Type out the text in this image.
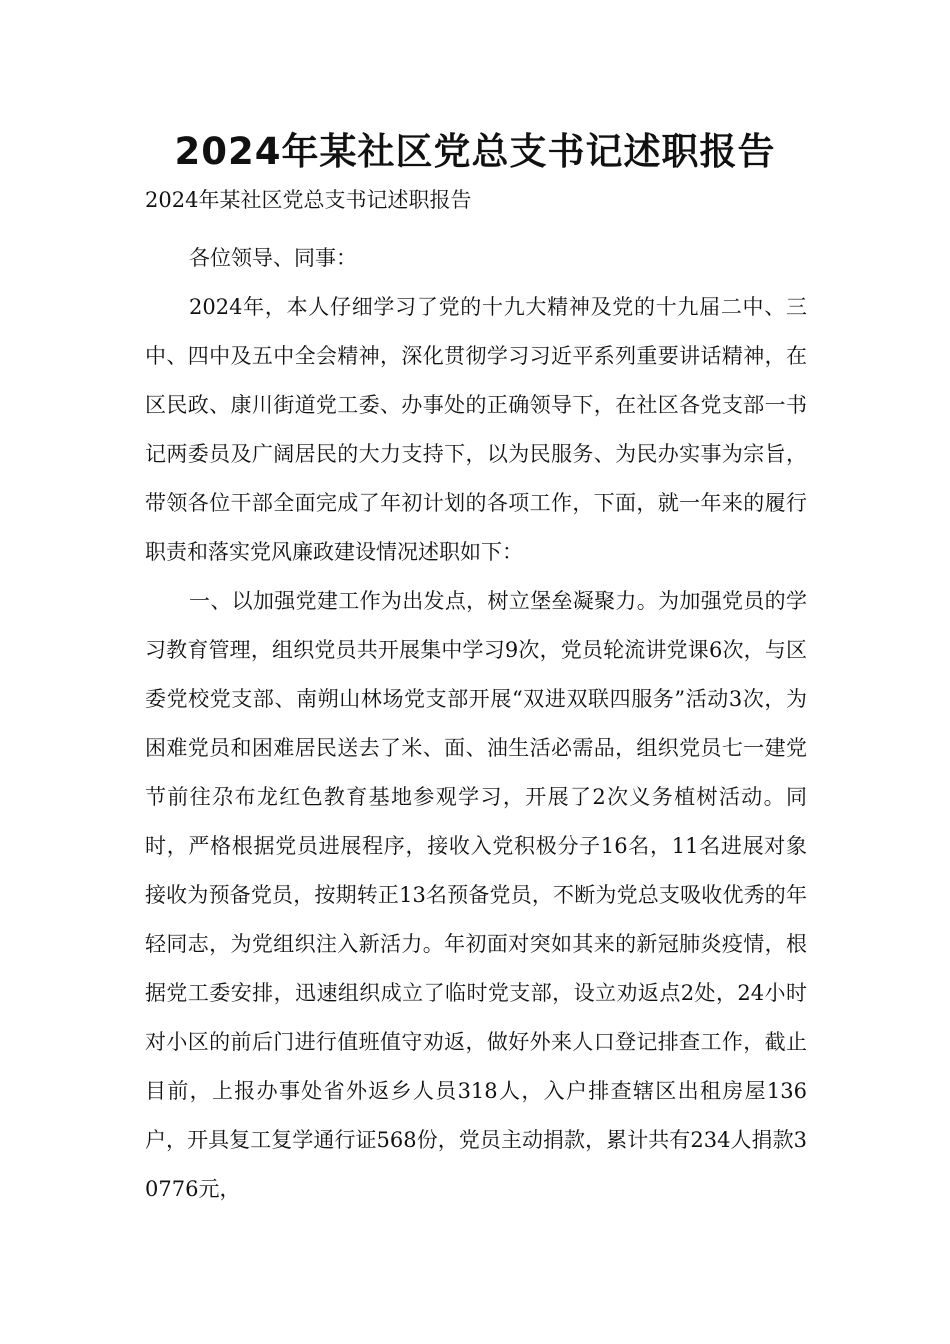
2024年某社区党总支书记述职报告

2024年某社区党总支书记述职报告

各位领导、同事：

2024年，本人仔细学习了党的十九大精神及党的十九届二中、三中、四中及五中全会精神，深化贯彻学习习近平系列重要讲话精神，在区民政、康川街道党工委、办事处的正确领导下，在社区各党支部一书记两委员及广阔居民的大力支持下，以为民服务、为民办实事为宗旨，带领各位干部全面完成了年初计划的各项工作，下面，就一年来的履行职责和落实党风廉政建设情况述职如下：

一、以加强党建工作为出发点，树立堡垒凝聚力。为加强党员的学习教育管理，组织党员共开展集中学习9次，党员轮流讲党课6次，与区委党校党支部、南朔山林场党支部开展“双进双联四服务”活动3次，为困难党员和困难居民送去了米、面、油生活必需品，组织党员七一建党节前往尕布龙红色教育基地参观学习，开展了2次义务植树活动。同时，严格根据党员进展程序，接收入党积极分子16名，11名进展对象接收为预备党员，按期转正13名预备党员，不断为党总支吸收优秀的年轻同志，为党组织注入新活力。年初面对突如其来的新冠肺炎疫情，根据党工委安排，迅速组织成立了临时党支部，设立劝返点2处，24小时对小区的前后门进行值班值守劝返，做好外来人口登记排查工作，截止目前，上报办事处省外返乡人员318人，入户排查辖区出租房屋136户，开具复工复学通行证568份，党员主动捐款，累计共有234人捐款30776元，
